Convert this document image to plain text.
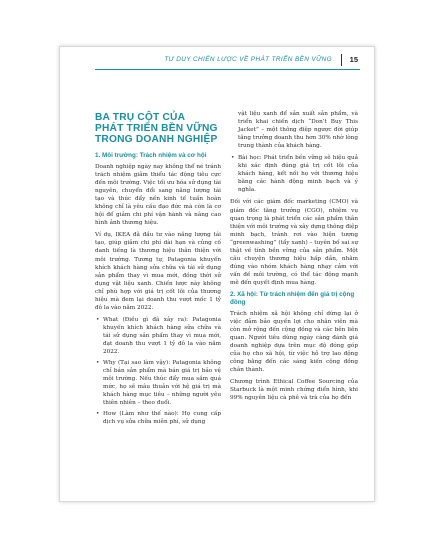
TƯ DUY CHIẾN LƯỢC VỀ PHÁT TRIỂN BỀN VỮNG 15
BA TRỤ CỘT CỦA
PHÁT TRIỂN BỀN VỮNG
TRONG DOANH NGHIỆP
1. Môi trường: Trách nhiệm và cơ hội

Doanh nghiệp ngày nay không thể né tránh trách nhiệm giảm thiểu tác động tiêu cực đến môi trường. Việc tối ưu hóa sử dụng tài nguyên, chuyển đổi sang năng lượng tái tạo và thúc đẩy nền kinh tế tuần hoàn không chỉ là yêu cầu đạo đức mà còn là cơ hội để giảm chi phí vận hành và nâng cao hình ảnh thương hiệu.

Ví dụ, IKEA đã đầu tư vào năng lượng tái tạo, giúp giảm chi phí dài hạn và củng cố danh tiếng là thương hiệu thân thiện với môi trường. Tương tự, Patagonia khuyến khích khách hàng sửa chữa và tái sử dụng sản phẩm thay vì mua mới, đồng thời sử dụng vật liệu xanh. Chiến lược này không chỉ phù hợp với giá trị cốt lõi của thương hiệu mà đem lại doanh thu vượt mốc 1 tỷ đô la vào năm 2022.

• What (Điều gì đã xảy ra): Patagonia khuyến khích khách hàng sửa chữa và tái sử dụng sản phẩm thay vì mua mới, đạt doanh thu vượt 1 tỷ đô la vào năm 2022.
• Why (Tại sao làm vậy): Patagonia không chỉ bán sản phẩm mà bán giá trị bảo vệ môi trường. Nếu thúc đẩy mua sắm quá mức, họ sẽ mâu thuẫn với hệ giá trị mà khách hàng mục tiêu – những người yêu thiên nhiên – theo đuổi.
• How (Làm như thế nào): Họ cung cấp dịch vụ sửa chữa miễn phí, sử dụng

vật liệu xanh để sản xuất sản phẩm, và triển khai chiến dịch “Don’t Buy This Jacket” – một thông điệp ngược đời giúp tăng trưởng doanh thu hơn 30% nhờ lòng trung thành của khách hàng.

• Bài học: Phát triển bền vững sẽ hiệu quả khi xác định đúng giá trị cốt lõi của khách hàng, kết nối họ với thương hiệu bằng các hành động minh bạch và ý nghĩa.

Đối với các giám đốc marketing (CMO) và giám đốc tăng trưởng (CGO), nhiệm vụ quan trọng là phát triển các sản phẩm thân thiện với môi trường và xây dựng thông điệp minh bạch, tránh rơi vào hiện tượng “greenwashing” (tẩy xanh) – tuyên bố sai sự thật về tính bền vững của sản phẩm. Một câu chuyện thương hiệu hấp dẫn, nhằm đúng vào nhóm khách hàng nhạy cảm với vấn đề môi trường, có thể tác động mạnh mẽ đến quyết định mua hàng.

2. Xã hội: Từ trách nhiệm đến giá trị cộng đồng

Trách nhiệm xã hội không chỉ dừng lại ở việc đảm bảo quyền lợi cho nhân viên mà còn mở rộng đến cộng đồng và các bên liên quan. Người tiêu dùng ngày càng đánh giá doanh nghiệp dựa trên mục độ đóng góp của họ cho xã hội, từ việc hỗ trợ lao động công bằng đến các sáng kiến cộng đồng chân thành.

Chương trình Ethical Coffee Sourcing của Starbuck là một minh chứng điển hình, khi 99% nguyên liệu cà phê và trà của họ đến
